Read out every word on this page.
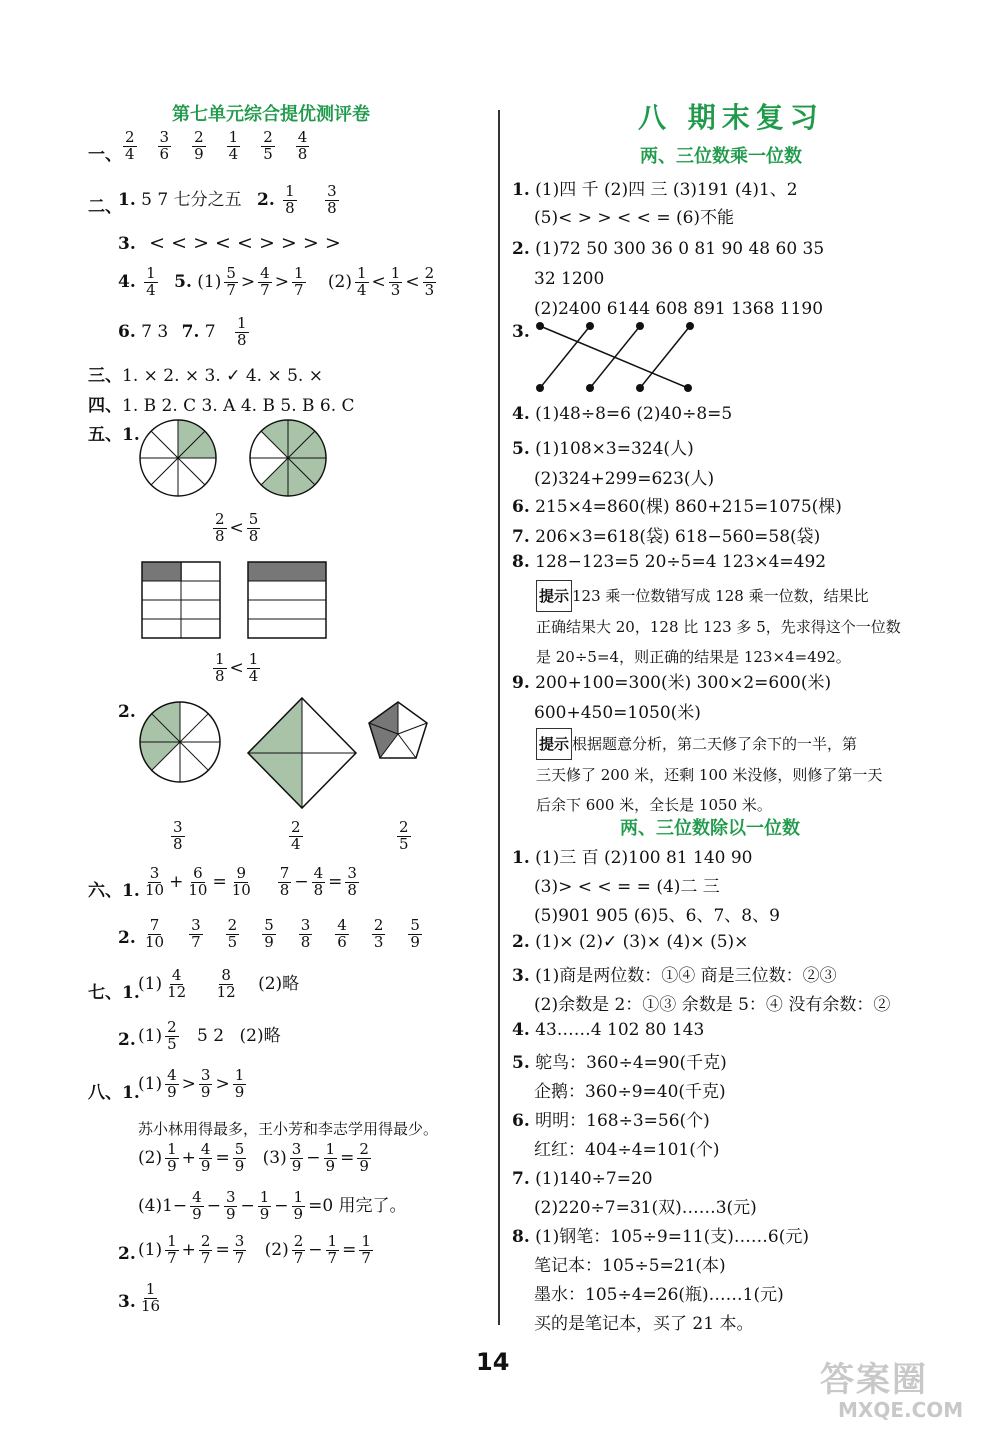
第七单元综合提优测评卷
一、 $\frac{2}{4} \frac{3}{6} \frac{2}{9} \frac{1}{4} \frac{2}{5} \frac{4}{8}$
二、
1. 5 7 七分之五 2. $\frac{1}{8}$
$\frac{3}{8}$
3. < < > < < > > > >
4. $\frac{1}{4} 5$. $(1) \frac{5}{7} > \frac{4}{7} > \frac{1}{7} (2) \frac{1}{4} < \frac{1}{3} < \frac{2}{3}$
6. 7 3 7. $7 \frac{1}{8}$
三、1. × 2. × 3. ✓ 4. × 5. ×
四、1. B 2. C 3. A 4. B 5. B 6. C
五、1.
$\frac{2}{8} < \frac{5}{8}$
$\frac{1}{8} < \frac{1}{4}$
2.
$\frac{3}{8}$	$\frac{2}{4}$	$\frac{2}{5}$
六、1. $\frac{3}{10} + \frac{6}{10} = \frac{9}{10} \frac{7}{8} - \frac{4}{8} = \frac{3}{8}$
2. $\frac{7}{10} \frac{3}{7} \frac{2}{5} \frac{5}{9} \frac{3}{8} \frac{4}{6} \frac{2}{3} \frac{5}{9}$
七、1.
$(1) \frac{4}{12}$
$\frac{8}{12} (2)$略
2. $(1) \frac{2}{5} 5$ 2 (2)略
八、1.
$(1) \frac{4}{9} > \frac{3}{9} > \frac{1}{9}$
苏小林用得最多，王小芳和李志学用得最少。
$(2) \frac{1}{9} + \frac{4}{9} = \frac{5}{9} (3) \frac{3}{9} - \frac{1}{9} = \frac{2}{9}$
$(4)1- \frac{4}{9} - \frac{3}{9} - \frac{1}{9} - \frac{1}{9} =0$ 用完了。
2. $(1) \frac{1}{7} + \frac{2}{7} = \frac{3}{7} (2) \frac{2}{7} - \frac{1}{7} = \frac{1}{7}$
3. $\frac{1}{16}$
八 期末复习
两、三位数乘一位数
1. (1)四 千 (2)四 三 (3)191 (4)1、2
(5)< > > < < = (6)不能
2. (1)72 50 300 36 0 81 90 48 60 35
32 1200
(2)2400 6144 608 891 1368 1190
3.
4. (1)48÷8=6 (2)40÷8=5
5. (1)108×3=324(人)
(2)324+299=623(人)
6. 215×4=860(棵) 860+215=1075(棵)
7. 206×3=618(袋) 618−560=58(袋)
8. 128−123=5 20÷5=4 123×4=492
提示 123 乘一位数错写成 128 乘一位数，结果比
正确结果大 20，128 比 123 多 5，先求得这个一位数
是 20÷5=4，则正确的结果是 123×4=492。
9. 200+100=300(米) 300×2=600(米)
600+450=1050(米)
提示 根据题意分析，第二天修了余下的一半，第
三天修了 200 米，还剩 100 米没修，则修了第一天
后余下 600 米，全长是 1050 米。
两、三位数除以一位数
1. (1)三 百 (2)100 81 140 90
(3)> < < = = (4)二 三
(5)901 905 (6)5、6、7、8、9
2. (1)× (2)✓ (3)× (4)× (5)×
3. (1)商是两位数：①④ 商是三位数：②③
(2)余数是 2：①③ 余数是 5：④ 没有余数：②
4. 43……4 102 80 143
5. 鸵鸟：360÷4=90(千克)
企鹅：360÷9=40(千克)
6. 明明：168÷3=56(个)
红红：404÷4=101(个)
7. (1)140÷7=20
(2)220÷7=31(双)……3(元)
8. (1)钢笔：105÷9=11(支)……6(元)
笔记本：105÷5=21(本)
墨水：105÷4=26(瓶)……1(元)
买的是笔记本，买了 21 本。
14	答案圈
MXQE.COM
